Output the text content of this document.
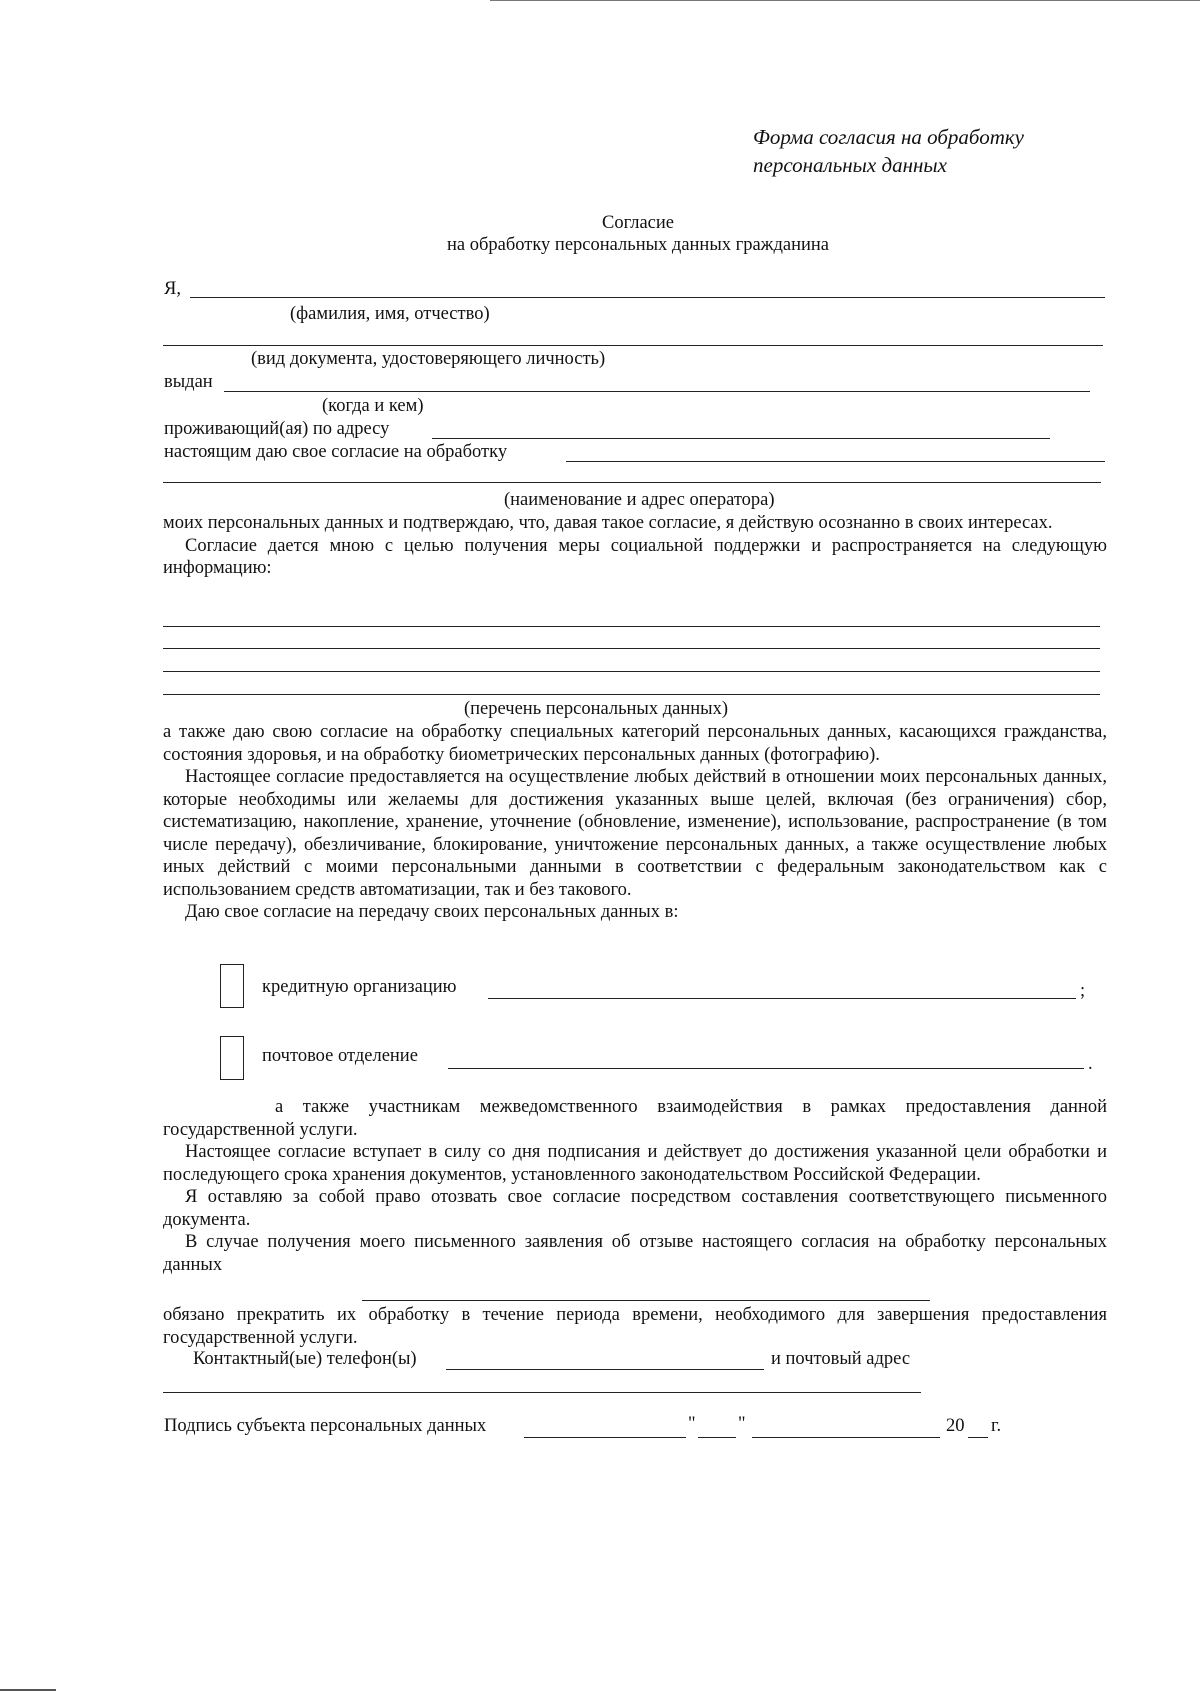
Форма согласия на обработку
персональных данных
Согласие
на обработку персональных данных гражданина
Я,
(фамилия, имя, отчество)
(вид документа, удостоверяющего личность)
выдан
(когда и кем)
проживающий(ая) по адресу
настоящим даю свое согласие на обработку
(наименование и адрес оператора)

моих персональных данных и подтверждаю, что, давая такое согласие, я действую осознанно в своих интересах.

Согласие дается мною с целью получения меры социальной поддержки и распространяется на следующую информацию:

(перечень персональных данных)

а также даю свою согласие на обработку специальных категорий персональных данных, касающихся гражданства, состояния здоровья, и на обработку биометрических персональных данных (фотографию).

Настоящее согласие предоставляется на осуществление любых действий в отношении моих персональных данных, которые необходимы или желаемы для достижения указанных выше целей, включая (без ограничения) сбор, систематизацию, накопление, хранение, уточнение (обновление, изменение), использование, распространение (в том числе передачу), обезличивание, блокирование, уничтожение персональных данных, а также осуществление любых иных действий с моими персональными данными в соответствии с федеральным законодательством как с использованием средств автоматизации, так и без такового.

Даю свое согласие на передачу своих персональных данных в:

кредитную организацию	;
почтовое отделение	.

а также участникам межведомственного взаимодействия в рамках предоставления данной государственной услуги.

Настоящее согласие вступает в силу со дня подписания и действует до достижения указанной цели обработки и последующего срока хранения документов, установленного законодательством Российской Федерации.

Я оставляю за собой право отозвать свое согласие посредством составления соответствующего письменного документа.

В случае получения моего письменного заявления об отзыве настоящего согласия на обработку персональных данных

обязано прекратить их обработку в течение периода времени, необходимого для завершения предоставления государственной услуги.

Контактный(ые) телефон(ы)	и почтовый адрес
Подпись субъекта персональных данных	" "	20 г.
